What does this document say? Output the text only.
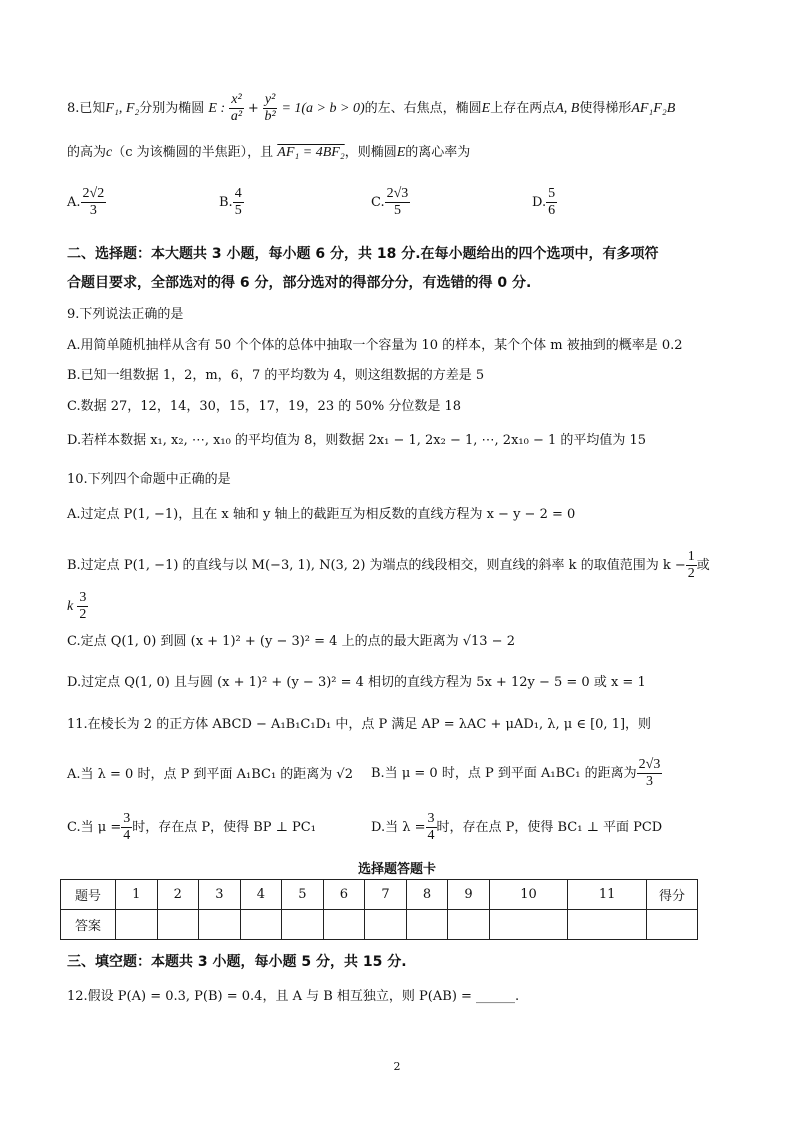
8.已知F₁, F₂分别为椭圆 E : $\frac{\text{x²}}{\text{a²}} + \frac{\text{y²}}{\text{b²}} = 1(a > b > 0)$的左、右焦点，椭圆E上存在两点A, B使得梯形AF₁F₂B
的高为c（c 为该椭圆的半焦距），且 AF₁ = 4BF₂，则椭圆E的离心率为
A. $\frac{2√2}{3}$	B. $\frac{4}{5}$	C. $\frac{2√3}{5}$	D. $\frac{5}{6}$
二、选择题：本大题共 3 小题，每小题 6 分，共 18 分.在每小题给出的四个选项中，有多项符
合题目要求，全部选对的得 6 分，部分选对的得部分分，有选错的得 0 分.
9.下列说法正确的是
A.用简单随机抽样从含有 50 个个体的总体中抽取一个容量为 10 的样本，某个个体 m 被抽到的概率是 0.2
B.已知一组数据 1，2，m，6，7 的平均数为 4，则这组数据的方差是 5
C.数据 27，12，14，30，15，17，19，23 的 50% 分位数是 18
D.若样本数据 x₁, x₂, ⋯, x₁₀ 的平均值为 8，则数据 2x₁ − 1, 2x₂ − 1, ⋯, 2x₁₀ − 1 的平均值为 15
10.下列四个命题中正确的是
A.过定点 P(1, −1)，且在 x 轴和 y 轴上的截距互为相反数的直线方程为 x − y − 2 = 0
B.过定点 P(1, −1) 的直线与以 M(−3, 1), N(3, 2) 为端点的线段相交，则直线的斜率 k 的取值范围为 $k - \frac{1}{2}$ 或
k $\frac{3}{2}$
C.定点 Q(1, 0) 到圆 (x + 1)² + (y − 3)² = 4 上的点的最大距离为 √13 − 2
D.过定点 Q(1, 0) 且与圆 (x + 1)² + (y − 3)² = 4 相切的直线方程为 5x + 12y − 5 = 0 或 x = 1
11.在棱长为 2 的正方体 ABCD − A₁B₁C₁D₁ 中，点 P 满足 AP = λAC + μAD₁, λ, μ ∈ [0, 1]，则
A.当 λ = 0 时，点 P 到平面 A₁BC₁ 的距离为 √2 B.当 μ = 0 时，点 P 到平面 A₁BC₁ 的距离为 $\frac{2√3}{3}$
C.当 $\mu = \frac{3}{4}$ 时，存在点 P，使得 BP ⊥ PC₁	D.当 $\lambda = \frac{3}{4}$ 时，存在点 P，使得 BC₁ ⊥ 平面 PCD
选择题答题卡
题号	1	2	3	4	5	6	7	8	9	10	11	得分
答案												
三、填空题：本题共 3 小题，每小题 5 分，共 15 分.
12.假设 P(A) = 0.3, P(B) = 0.4，且 A 与 B 相互独立，则 P(AB) = ______.
2
